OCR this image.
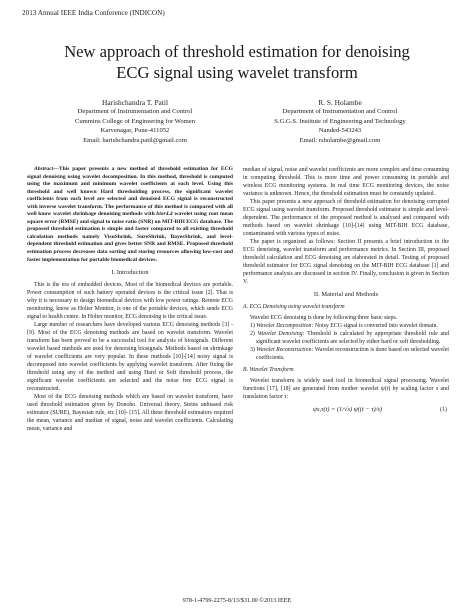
2013 Annual IEEE India Conference (INDICON)
New approach of threshold estimation for denoising
ECG signal using wavelet transform
Harishchandra T. Patil
Department of Instrumentation and Control
Cummins College of Engineering for Women
Karvenagar, Pune-411052
Email: harishchandra.patil@gmail.com
R. S. Holambe
Department of Instrumentation and Control
S.G.G.S. Institute of Engineering and Technology
Nanded-543243
Email: rsholambe@gmail.com

Abstract—This paper presents a new method of threshold estimation for ECG signal denoising using wavelet decomposition. In this method, threshold is computed using the maximum and minimum wavelet coefficients at each level. Using this threshold and well known Hard thresholding process, the significant wavelet coefficients from each level are selected and denoised ECG signal is reconstructed with inverse wavelet transform. The performance of this method is compared with all well know wavelet shrinkage denoising methods with bior4.4 wavelet using root mean square error (RMSE) and signal to noise ratio (SNR) on MIT-BIH ECG database. The proposed threshold estimation is simple and faster compared to all existing threshold calculation methods namely VisuShrink, SureShrink, BayesShrink, and level-dependent threshold estimation and gives better SNR and RMSE. Proposed threshold estimation process decreases data sorting and storing resources allowing low-cost and faster implementation for portable biomedical devices.

I. Introduction

This is the era of embedded devices. Most of the biomedical devices are portable. Power consumption of such battery operated devices is the critical issue [2]. That is why it is necessary to design biomedical devices with low power ratings. Remote ECG monitoring, know as Holter Monitor, is one of the portable devices, which sends ECG signal to health centre. In Holter monitor, ECG denoising is the critical issue.

Large number of researchers have developed various ECG denoising methods [3] - [9]. Most of the ECG denoising methods are based on wavelet transform. Wavelet transform has been proved to be a successful tool for analysis of biosignals. Different wavelet based methods are used for denoising biosignals. Methods based on shrinkage of wavelet coefficients are very popular. In these methods [10]-[14] noisy signal is decomposed into wavelet coefficients by applying wavelet transform. After fixing the threshold using any of the method and using Hard or Soft threshold process, the significant wavelet coefficients are selected and the noise free ECG signal is reconstructed.

Most of the ECG denoising methods which are based on wavelet transform, have used threshold estimation given by Donoho. Universal theory, Steins unbiased risk estimator (SURE), Bayesian rule, etc [10]- [15]. All these threshold estimators required the mean, variance and median of signal, noise and wavelet coefficients. Calculating mean, variance and

median of signal, noise and wavelet coefficients are more complex and time consuming in computing threshold. This is more time and power consuming in portable and wireless ECG monitoring systems. In real time ECG monitoring devices, the noise variance is unknown. Hence, the threshold estimation must be constantly updated.

This paper presents a new approach of threshold estimation for denoising corrupted ECG signal using wavelet transform. Proposed threshold estimator is simple and level-dependent. The performance of the proposed method is analysed and compared with methods based on wavelet shrinkage [10]-[14] using MIT-BIH ECG database, contaminated with various types of noise.

The paper is organized as follows: Section II presents a brief introduction to the ECG denoising, wavelet transform and performance metrics. In Section III, proposed threshold calculation and ECG denoising are elaborated in detail. Testing of proposed threshold estimator for ECG signal denoising on the MIT-BIH ECG database [1] and performance analysis are discussed in section IV. Finally, conclusion is given in Section V.

II. Material and Methods
A. ECG Denoising using wavelet transform

Wavelet ECG denoising is done by following three basic steps.

1) Wavelet Decomposition: Noisy ECG signal is converted into wavelet domain.
2) Wavelet Denoising: Threshold is calculated by appropriate threshold rule and significant wavelet coefficients are selected by either hard or soft thresholding.
3) Wavelet Reconstruction: Wavelet reconstruction is done based on selected wavelet coefficients.
B. Wavelet Transform

Wavelet transform is widely used tool in biomedical signal processing. Wavelet functions [17], [18] are generated from mother wavelet ψ(t) by scaling factor s and translation factor τ:

ψs,τ(t) = (1/√s) ψ((t − τ)/s)	(1)
978-1-4799-2275-8/13/$31.00 ©2013 IEEE
